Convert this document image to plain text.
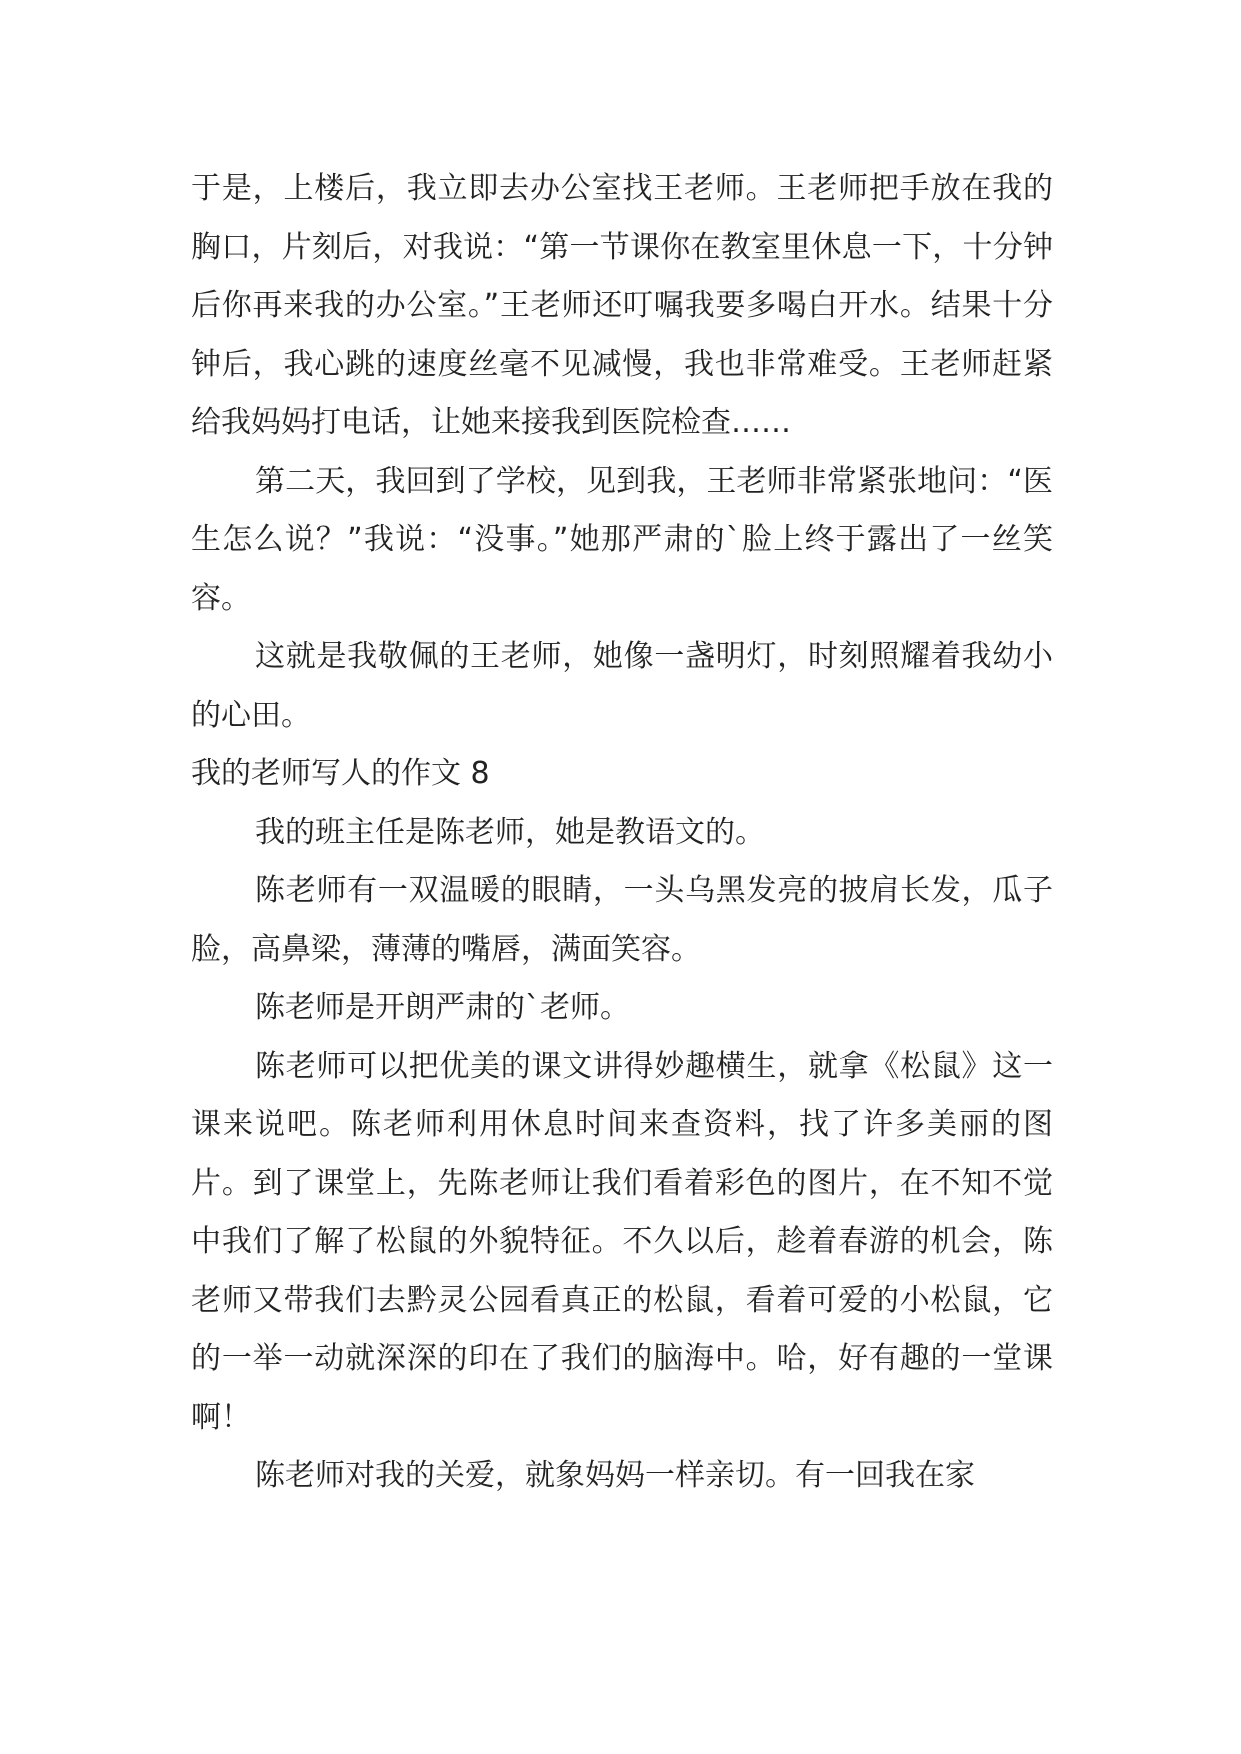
于是，上楼后，我立即去办公室找王老师。王老师把手放在我的胸口，片刻后，对我说：“第一节课你在教室里休息一下，十分钟后你再来我的办公室。”王老师还叮嘱我要多喝白开水。结果十分钟后，我心跳的速度丝毫不见减慢，我也非常难受。王老师赶紧给我妈妈打电话，让她来接我到医院检查……

第二天，我回到了学校，见到我，王老师非常紧张地问：“医生怎么说？”我说：“没事。”她那严肃的`脸上终于露出了一丝笑容。

这就是我敬佩的王老师，她像一盏明灯，时刻照耀着我幼小的心田。

我的老师写人的作文 8

我的班主任是陈老师，她是教语文的。

陈老师有一双温暖的眼睛，一头乌黑发亮的披肩长发，瓜子脸，高鼻梁，薄薄的嘴唇，满面笑容。

陈老师是开朗严肃的`老师。

陈老师可以把优美的课文讲得妙趣横生，就拿《松鼠》这一课来说吧。陈老师利用休息时间来查资料，找了许多美丽的图片。到了课堂上，先陈老师让我们看着彩色的图片，在不知不觉中我们了解了松鼠的外貌特征。不久以后，趁着春游的机会，陈老师又带我们去黔灵公园看真正的松鼠，看着可爱的小松鼠，它的一举一动就深深的印在了我们的脑海中。哈，好有趣的一堂课啊！

陈老师对我的关爱，就象妈妈一样亲切。有一回我在家
